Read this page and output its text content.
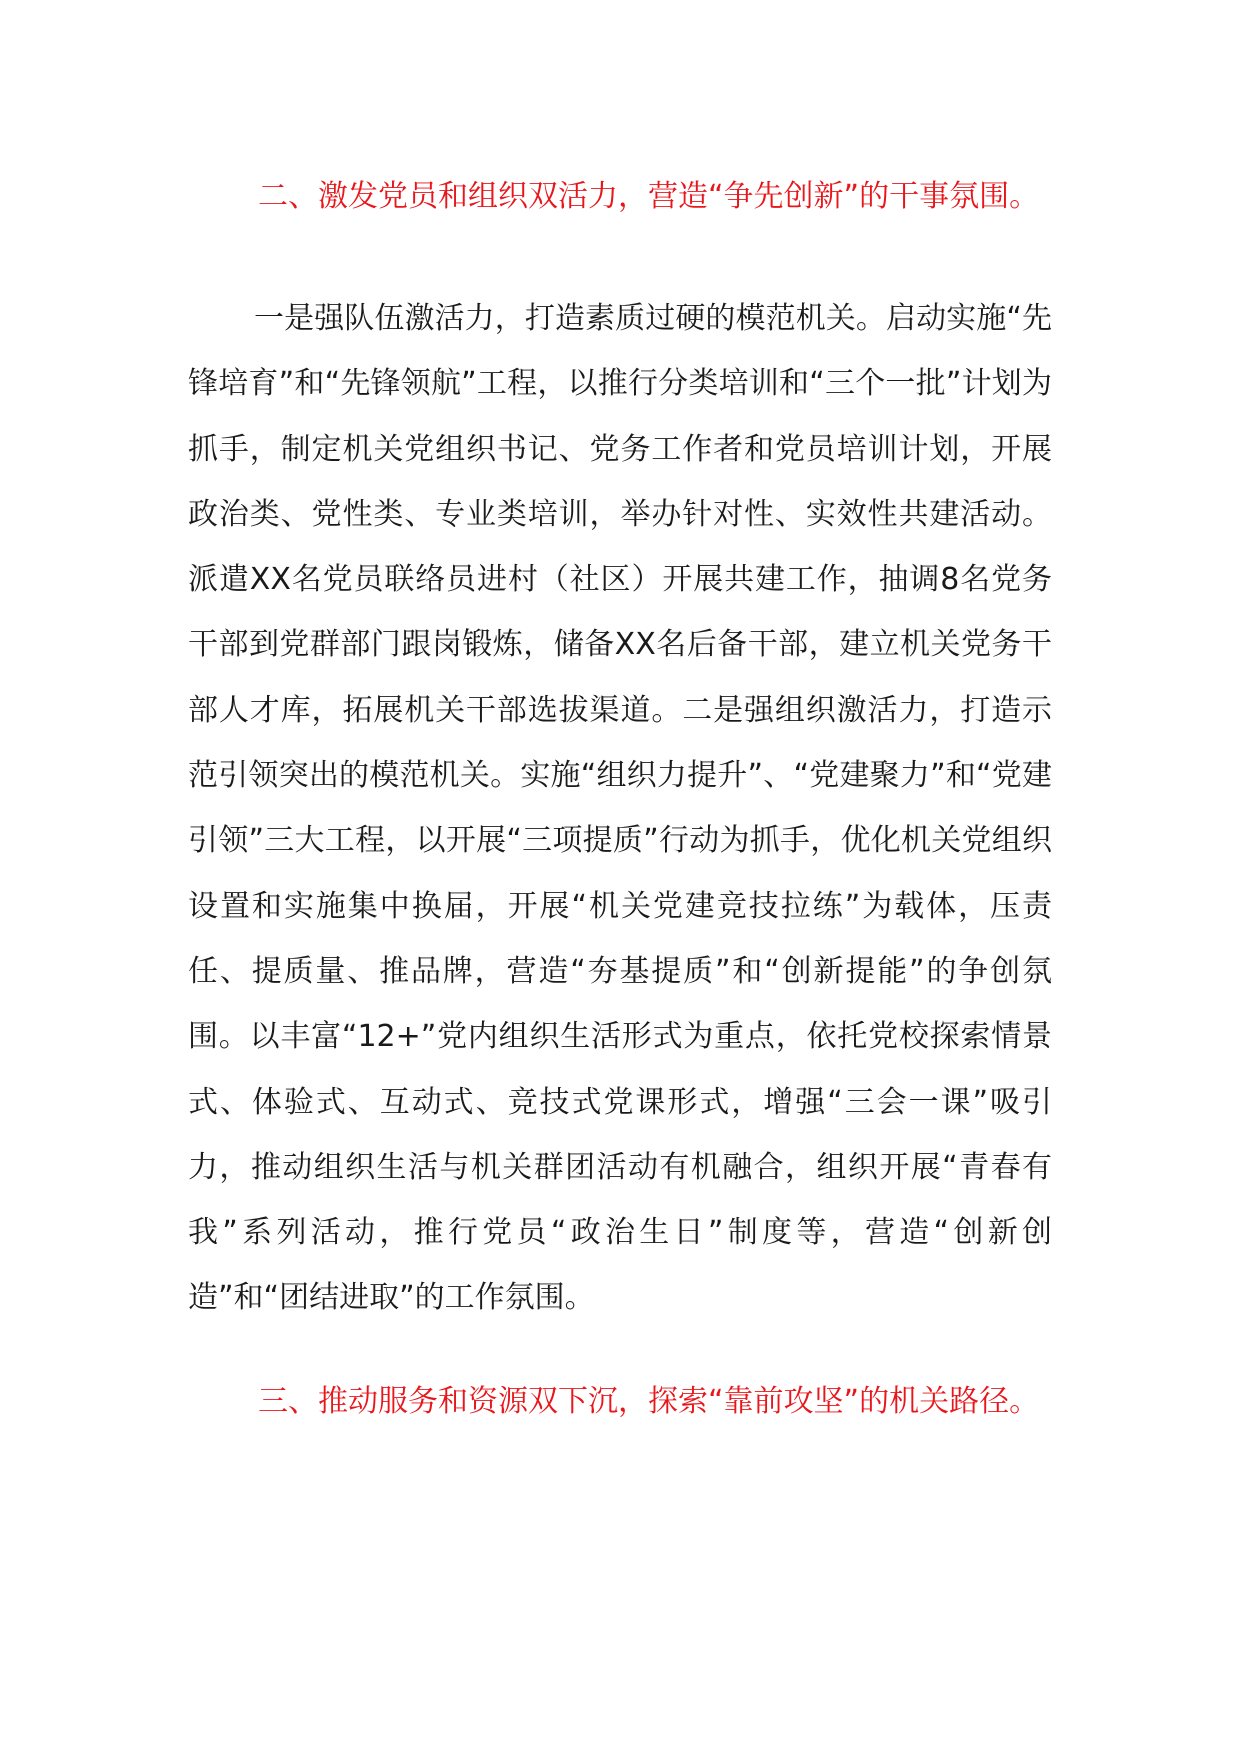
二、激发党员和组织双活力，营造“争先创新”的干事氛围。

一是强队伍激活力，打造素质过硬的模范机关。启动实施“先锋培育”和“先锋领航”工程，以推行分类培训和“三个一批”计划为抓手，制定机关党组织书记、党务工作者和党员培训计划，开展政治类、党性类、专业类培训，举办针对性、实效性共建活动。派遣XX名党员联络员进村（社区）开展共建工作，抽调8名党务干部到党群部门跟岗锻炼，储备XX名后备干部，建立机关党务干部人才库，拓展机关干部选拔渠道。二是强组织激活力，打造示范引领突出的模范机关。实施“组织力提升”、“党建聚力”和“党建引领”三大工程，以开展“三项提质”行动为抓手，优化机关党组织设置和实施集中换届，开展“机关党建竞技拉练”为载体，压责任、提质量、推品牌，营造“夯基提质”和“创新提能”的争创氛围。以丰富“12+”党内组织生活形式为重点，依托党校探索情景式、体验式、互动式、竞技式党课形式，增强“三会一课”吸引力，推动组织生活与机关群团活动有机融合，组织开展“青春有我”系列活动，推行党员“政治生日”制度等，营造“创新创造”和“团结进取”的工作氛围。

三、推动服务和资源双下沉，探索“靠前攻坚”的机关路径。
